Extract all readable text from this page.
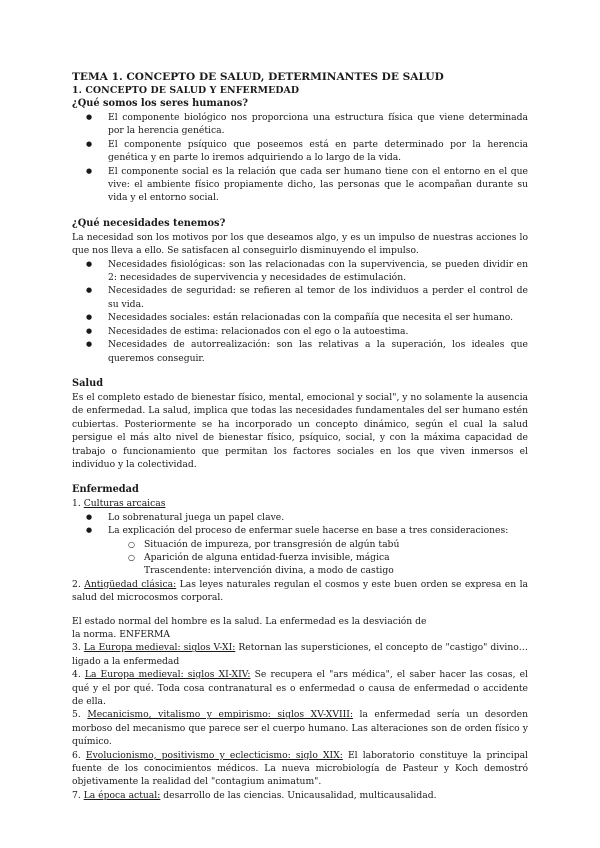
TEMA 1. CONCEPTO DE SALUD, DETERMINANTES DE SALUD
1. CONCEPTO DE SALUD Y ENFERMEDAD
¿Qué somos los seres humanos?
● El componente biológico nos proporciona una estructura física que viene determinada por la herencia genética.
● El componente psíquico que poseemos está en parte determinado por la herencia genética y en parte lo iremos adquiriendo a lo largo de la vida.
● El componente social es la relación que cada ser humano tiene con el entorno en el que vive: el ambiente físico propiamente dicho, las personas que le acompañan durante su vida y el entorno social.
¿Qué necesidades tenemos?

La necesidad son los motivos por los que deseamos algo, y es un impulso de nuestras acciones lo que nos lleva a ello. Se satisfacen al conseguirlo disminuyendo el impulso.

● Necesidades fisiológicas: son las relacionadas con la supervivencia, se pueden dividir en 2: necesidades de supervivencia y necesidades de estimulación.
● Necesidades de seguridad: se refieren al temor de los individuos a perder el control de su vida.
● Necesidades sociales: están relacionadas con la compañía que necesita el ser humano.
● Necesidades de estima: relacionados con el ego o la autoestima.
● Necesidades de autorrealización: son las relativas a la superación, los ideales que queremos conseguir.
Salud

Es el completo estado de bienestar físico, mental, emocional y social", y no solamente la ausencia de enfermedad. La salud, implica que todas las necesidades fundamentales del ser humano estén cubiertas. Posteriormente se ha incorporado un concepto dinámico, según el cual la salud persigue el más alto nivel de bienestar físico, psíquico, social, y con la máxima capacidad de trabajo o funcionamiento que permitan los factores sociales en los que viven inmersos el individuo y la colectividad.

Enfermedad

1. Culturas arcaicas

● Lo sobrenatural juega un papel clave.
● La explicación del proceso de enfermar suele hacerse en base a tres consideraciones:
○ Situación de impureza, por transgresión de algún tabú
○ Aparición de alguna entidad-fuerza invisible, mágica
Trascendente: intervención divina, a modo de castigo

2. Antigüedad clásica: Las leyes naturales regulan el cosmos y este buen orden se expresa en la salud del microcosmos corporal.

El estado normal del hombre es la salud. La enfermedad es la desviación de

la norma. ENFERMA

3. La Europa medieval: siglos V-XI: Retornan las supersticiones, el concepto de "castigo" divino… ligado a la enfermedad

4. La Europa medieval: siglos XI-XIV: Se recupera el "ars médica", el saber hacer las cosas, el qué y el por qué. Toda cosa contranatural es o enfermedad o causa de enfermedad o accidente de ella.

5. Mecanicismo, vitalismo y empirismo: siglos XV-XVIII: la enfermedad sería un desorden morboso del mecanismo que parece ser el cuerpo humano. Las alteraciones son de orden físico y químico.

6. Evolucionismo, positivismo y eclecticismo: siglo XIX: El laboratorio constituye la principal fuente de los conocimientos médicos. La nueva microbiología de Pasteur y Koch demostró objetivamente la realidad del "contagium animatum".

7. La época actual: desarrollo de las ciencias. Unicausalidad, multicausalidad.
